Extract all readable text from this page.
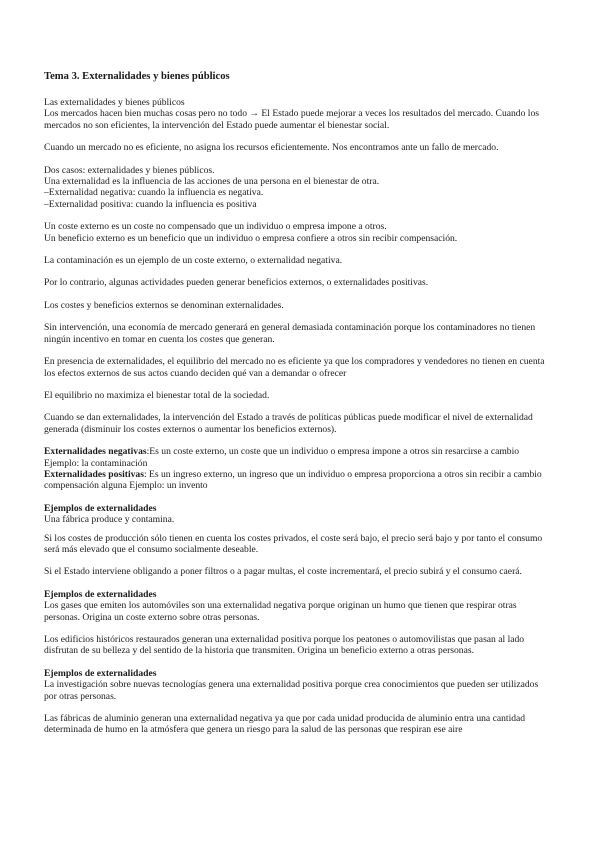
Tema 3. Externalidades y bienes públicos
Las externalidades y bienes públicos
Los mercados hacen bien muchas cosas pero no todo → El Estado puede mejorar a veces los resultados del mercado. Cuando los
mercados no son eficientes, la intervención del Estado puede aumentar el bienestar social.
Cuando un mercado no es eficiente, no asigna los recursos eficientemente. Nos encontramos ante un fallo de mercado.
Dos casos: externalidades y bienes públicos.
Una externalidad es la influencia de las acciones de una persona en el bienestar de otra.
–Externalidad negativa: cuando la influencia es negativa.
–Externalidad positiva: cuando la influencia es positiva
Un coste externo es un coste no compensado que un individuo o empresa impone a otros.
Un beneficio externo es un beneficio que un individuo o empresa confiere a otros sin recibir compensación.
La contaminación es un ejemplo de un coste externo, o externalidad negativa.
Por lo contrario, algunas actividades pueden generar beneficios externos, o externalidades positivas.
Los costes y beneficios externos se denominan externalidades.
Sin intervención, una economía de mercado generará en general demasiada contaminación porque los contaminadores no tienen
ningún incentivo en tomar en cuenta los costes que generan.
En presencia de externalidades, el equilibrio del mercado no es eficiente ya que los compradores y vendedores no tienen en cuenta
los efectos externos de sus actos cuando deciden qué van a demandar o ofrecer
El equilibrio no maximiza el bienestar total de la sociedad.
Cuando se dan externalidades, la intervención del Estado a través de políticas públicas puede modificar el nivel de externalidad
generada (disminuir los costes externos o aumentar los beneficios externos).
Externalidades negativas:Es un coste externo, un coste que un individuo o empresa impone a otros sin resarcirse a cambio
Ejemplo: la contaminación
Externalidades positivas: Es un ingreso externo, un ingreso que un individuo o empresa proporciona a otros sin recibir a cambio
compensación alguna Ejemplo: un invento
Ejemplos de externalidades
Una fábrica produce y contamina.
Si los costes de producción sólo tienen en cuenta los costes privados, el coste será bajo, el precio será bajo y por tanto el consumo
será más elevado que el consumo socialmente deseable.
Si el Estado interviene obligando a poner filtros o a pagar multas, el coste incrementará, el precio subirá y el consumo caerá.
Ejemplos de externalidades
Los gases que emiten los automóviles son una externalidad negativa porque originan un humo que tienen que respirar otras
personas. Origina un coste externo sobre otras personas.
Los edificios históricos restaurados generan una externalidad positiva porque los peatones o automovilistas que pasan al lado
disfrutan de su belleza y del sentido de la historia que transmiten. Origina un beneficio externo a otras personas.
Ejemplos de externalidades
La investigación sobre nuevas tecnologías genera una externalidad positiva porque crea conocimientos que pueden ser utilizados
por otras personas.
Las fábricas de aluminio generan una externalidad negativa ya que por cada unidad producida de aluminio entra una cantidad
determinada de humo en la atmósfera que genera un riesgo para la salud de las personas que respiran ese aire
